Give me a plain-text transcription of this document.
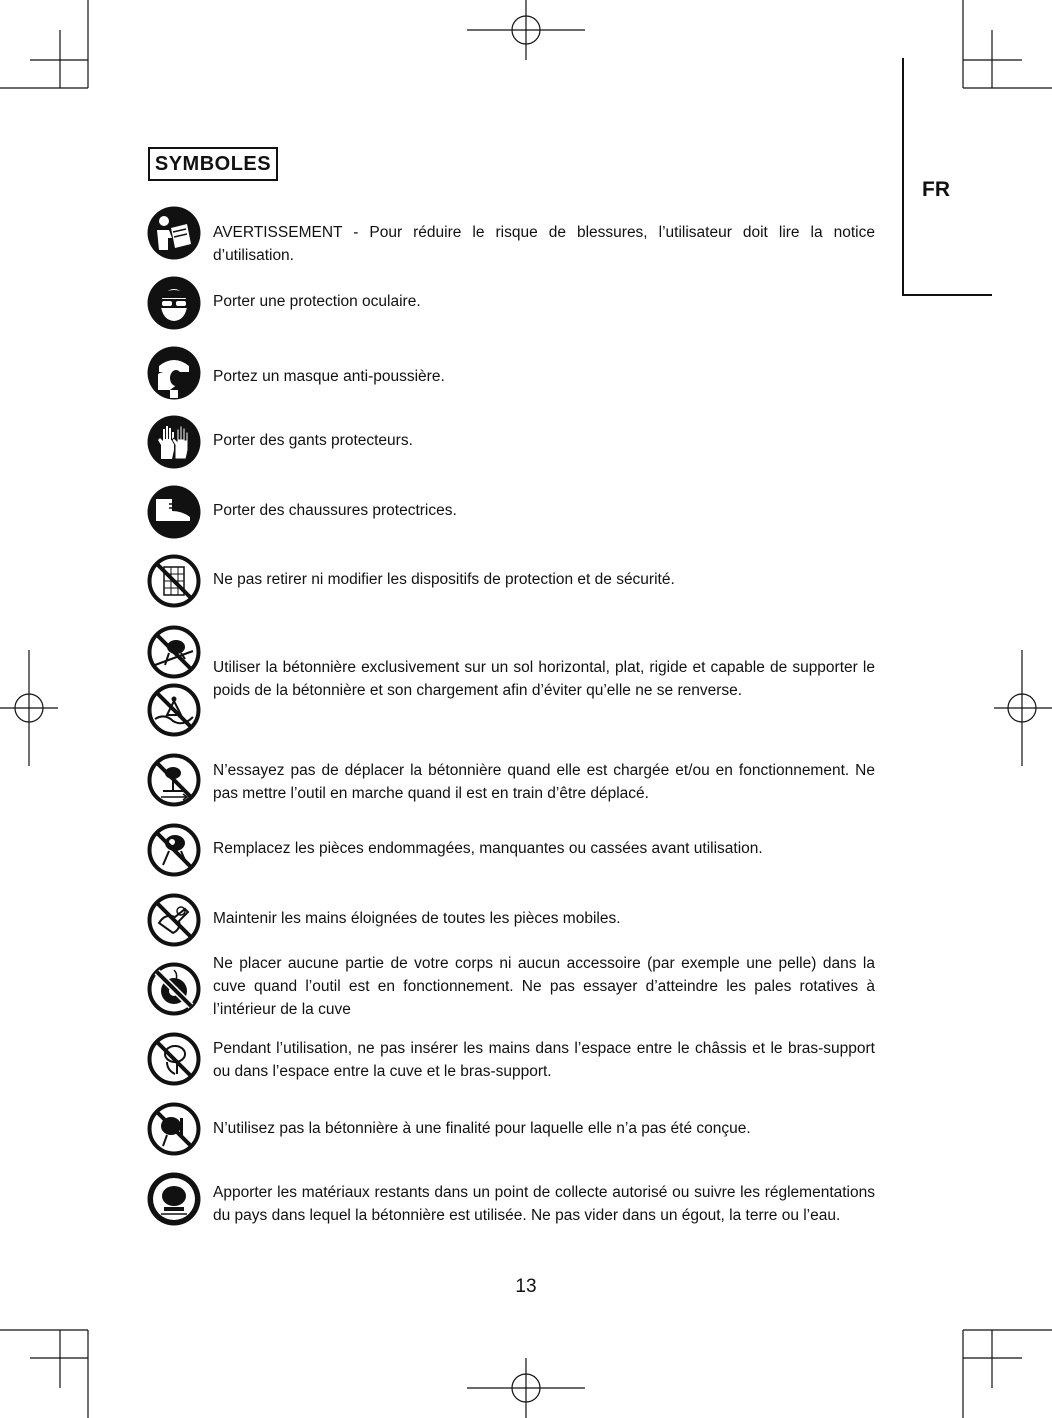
SYMBOLES
FR
AVERTISSEMENT - Pour réduire le risque de blessures, l’utilisateur doit lire la notice d’utilisation.
Porter une protection oculaire.
Portez un masque anti-poussière.
Porter des gants protecteurs.
Porter des chaussures protectrices.
Ne pas retirer ni modifier les dispositifs de protection et de sécurité.
Utiliser la bétonnière exclusivement sur un sol horizontal, plat, rigide et capable de supporter le poids de la bétonnière et son chargement afin d’éviter qu’elle ne se renverse.
N’essayez pas de déplacer la bétonnière quand elle est chargée et/ou en fonctionnement. Ne pas mettre l’outil en marche quand il est en train d’être déplacé.
Remplacez les pièces endommagées, manquantes ou cassées avant utilisation.
Maintenir les mains éloignées de toutes les pièces mobiles.
Ne placer aucune partie de votre corps ni aucun accessoire (par exemple une pelle) dans la cuve quand l’outil est en fonctionnement. Ne pas essayer d’atteindre les pales rotatives à l’intérieur de la cuve
Pendant l’utilisation, ne pas insérer les mains dans l’espace entre le châssis et le bras-support ou dans l’espace entre la cuve et le bras-support.
N’utilisez pas la bétonnière à une finalité pour laquelle elle n’a pas été conçue.
Apporter les matériaux restants dans un point de collecte autorisé ou suivre les réglementations du pays dans lequel la bétonnière est utilisée. Ne pas vider dans un égout, la terre ou l’eau.
13
